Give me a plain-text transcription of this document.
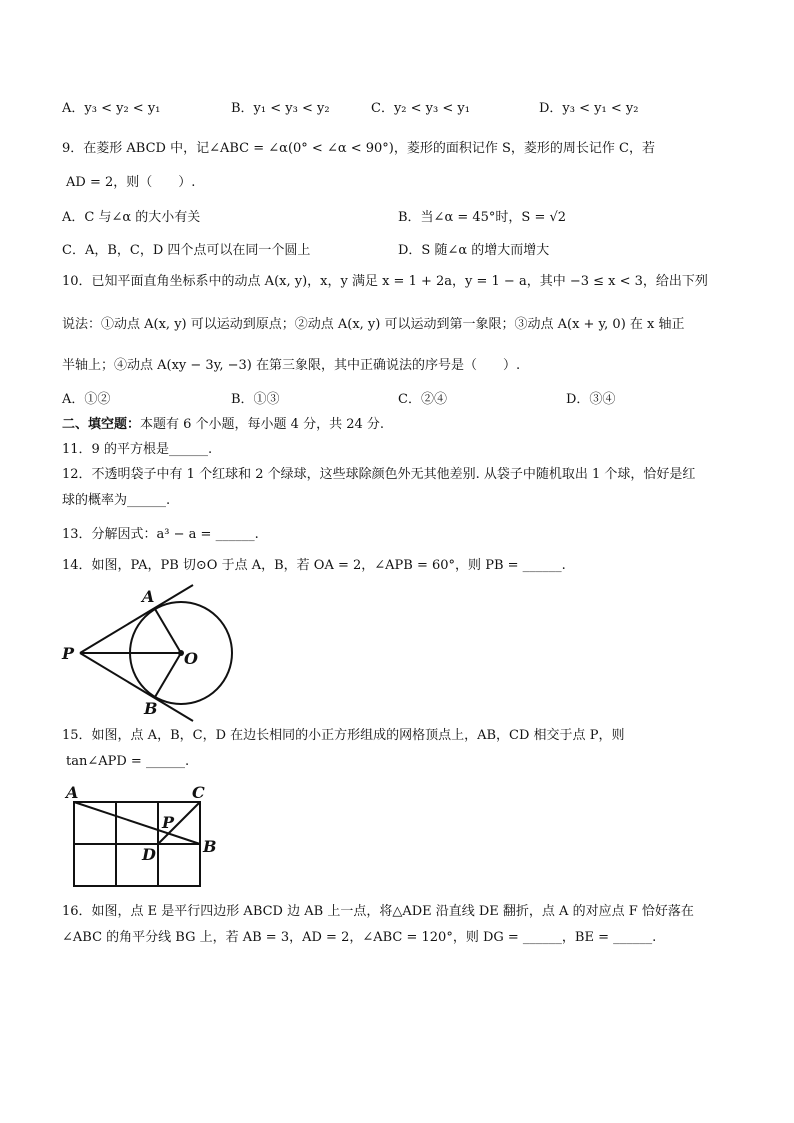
A．y₃ < y₂ < y₁	B．y₁ < y₃ < y₂	C．y₂ < y₃ < y₁	D．y₃ < y₁ < y₂
9．在菱形 ABCD 中，记∠ABC = ∠α(0° < ∠α < 90°)，菱形的面积记作 S，菱形的周长记作 C，若
AD = 2，则（　　）.
A．C 与∠α 的大小有关	B．当∠α = 45°时，S = √2
C．A，B，C，D 四个点可以在同一个圆上	D．S 随∠α 的增大而增大
10．已知平面直角坐标系中的动点 A(x, y)，x，y 满足 x = 1 + 2a，y = 1 − a，其中 −3 ≤ x < 3，给出下列
说法：①动点 A(x, y) 可以运动到原点；②动点 A(x, y) 可以运动到第一象限；③动点 A(x + y, 0) 在 x 轴正
半轴上；④动点 A(xy − 3y, −3) 在第三象限，其中正确说法的序号是（　　）.
A．①②	B．①③	C．②④	D．③④
二、填空题：本题有 6 个小题，每小题 4 分，共 24 分.
11．9 的平方根是______.
12．不透明袋子中有 1 个红球和 2 个绿球，这些球除颜色外无其他差别. 从袋子中随机取出 1 个球，恰好是红
球的概率为______.
13．分解因式：a³ − a = ______.
14．如图，PA，PB 切⊙O 于点 A，B，若 OA = 2，∠APB = 60°，则 PB = ______.
A
P	O
B
15．如图，点 A，B，C，D 在边长相同的小正方形组成的网格顶点上，AB，CD 相交于点 P，则
tan∠APD = ______.
A	C
P
D	B
16．如图，点 E 是平行四边形 ABCD 边 AB 上一点，将△ADE 沿直线 DE 翻折，点 A 的对应点 F 恰好落在
∠ABC 的角平分线 BG 上，若 AB = 3，AD = 2，∠ABC = 120°，则 DG = ______，BE = ______.
